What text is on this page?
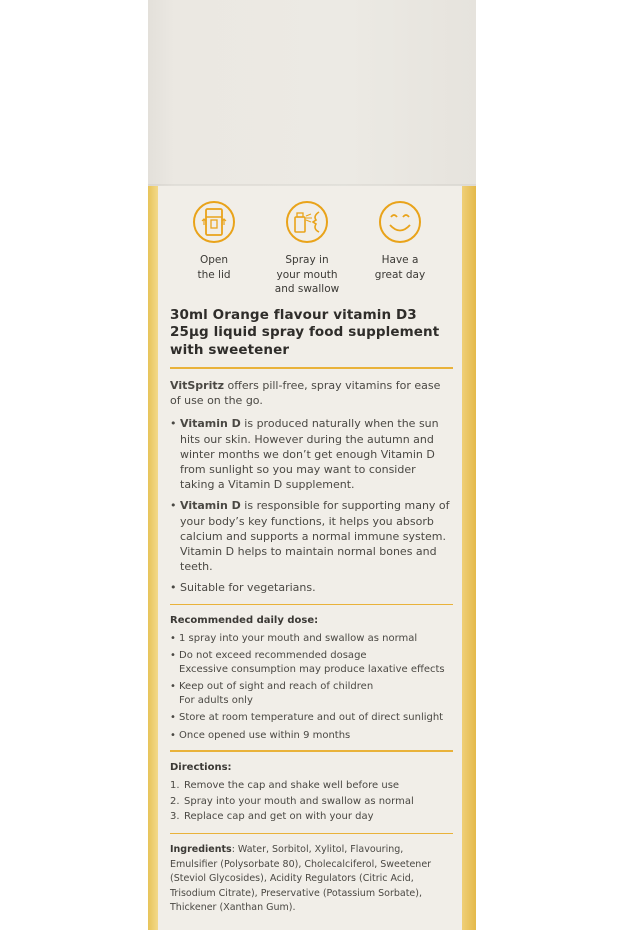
Open
the lid
Spray in
your mouth
and swallow
Have a
great day
30ml Orange flavour vitamin D3
25µg liquid spray food supplement
with sweetener
VitSpritz offers pill-free, spray vitamins for ease of use on the go.
• Vitamin D is produced naturally when the sun hits our skin. However during the autumn and winter months we don’t get enough Vitamin D from sunlight so you may want to consider taking a Vitamin D supplement.
• Vitamin D is responsible for supporting many of your body’s key functions, it helps you absorb calcium and supports a normal immune system. Vitamin D helps to maintain normal bones and teeth.
• Suitable for vegetarians.
Recommended daily dose:
• 1 spray into your mouth and swallow as normal
• Do not exceed recommended dosage
Excessive consumption may produce laxative effects
• Keep out of sight and reach of children
For adults only
• Store at room temperature and out of direct sunlight
• Once opened use within 9 months
Directions:
1. Remove the cap and shake well before use
2. Spray into your mouth and swallow as normal
3. Replace cap and get on with your day
Ingredients: Water, Sorbitol, Xylitol, Flavouring, Emulsifier (Polysorbate 80), Cholecalciferol, Sweetener (Steviol Glycosides), Acidity Regulators (Citric Acid, Trisodium Citrate), Preservative (Potassium Sorbate), Thickener (Xanthan Gum).
